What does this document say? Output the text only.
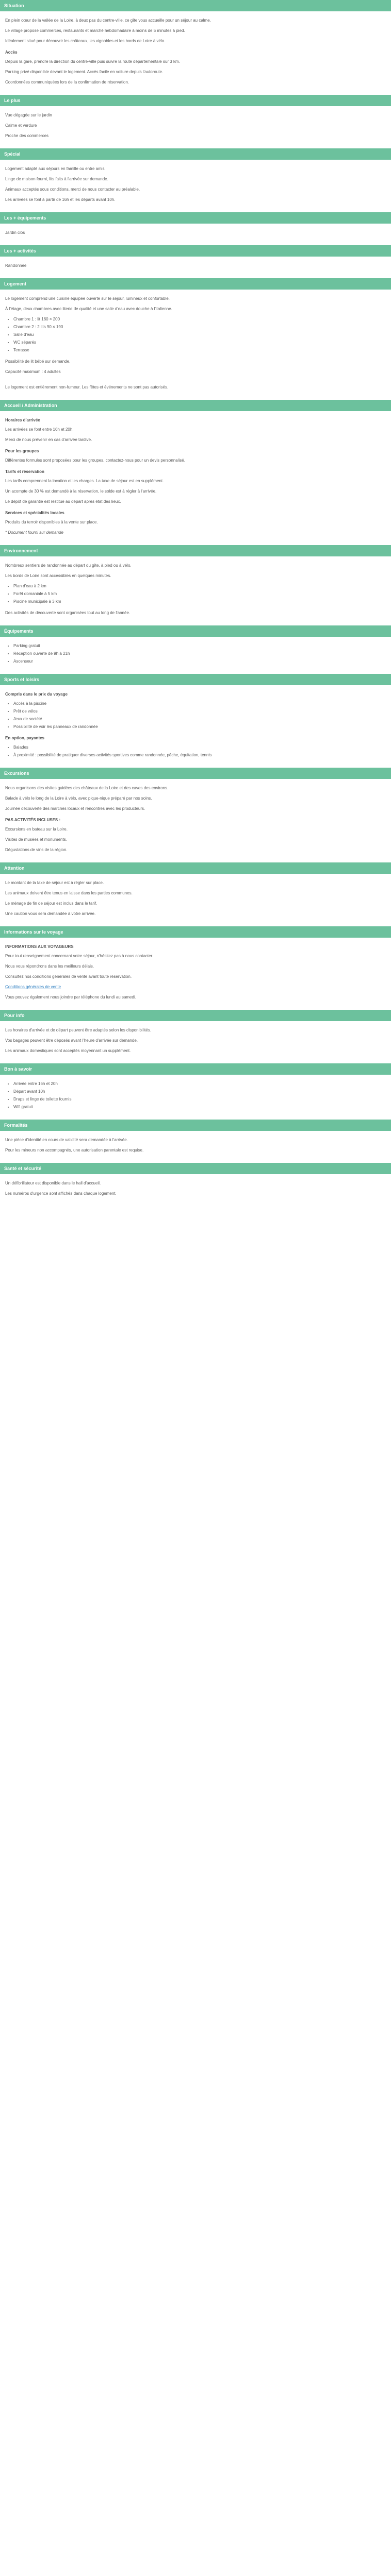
Situation

En plein cœur de la vallée de la Loire, à deux pas du centre-ville, ce gîte vous accueille pour un séjour au calme.

Le village propose commerces, restaurants et marché hebdomadaire à moins de 5 minutes à pied.

Idéalement situé pour découvrir les châteaux, les vignobles et les bords de Loire à vélo.

Accès

Depuis la gare, prendre la direction du centre-ville puis suivre la route départementale sur 3 km.

Parking privé disponible devant le logement. Accès facile en voiture depuis l'autoroute.

Coordonnées communiquées lors de la confirmation de réservation.

Le plus

Vue dégagée sur le jardin

Calme et verdure

Proche des commerces

Spécial

Logement adapté aux séjours en famille ou entre amis.

Linge de maison fourni, lits faits à l'arrivée sur demande.

Animaux acceptés sous conditions, merci de nous contacter au préalable.

Les arrivées se font à partir de 16h et les départs avant 10h.

Les + équipements

Jardin clos

Les + activités

Randonnée

Logement

Le logement comprend une cuisine équipée ouverte sur le séjour, lumineux et confortable.

À l'étage, deux chambres avec literie de qualité et une salle d'eau avec douche à l'italienne.

• Chambre 1 : lit 160 × 200
• Chambre 2 : 2 lits 90 × 190
• Salle d'eau
• WC séparés
• Terrasse

Possibilité de lit bébé sur demande.

Capacité maximum : 4 adultes

Le logement est entièrement non-fumeur. Les fêtes et événements ne sont pas autorisés.

Accueil / Administration
Horaires d'arrivée

Les arrivées se font entre 16h et 20h.

Merci de nous prévenir en cas d'arrivée tardive.

Pour les groupes

Différentes formules sont proposées pour les groupes, contactez-nous pour un devis personnalisé.

Tarifs et réservation

Les tarifs comprennent la location et les charges. La taxe de séjour est en supplément.

Un acompte de 30 % est demandé à la réservation, le solde est à régler à l'arrivée.

Le dépôt de garantie est restitué au départ après état des lieux.

Services et spécialités locales

Produits du terroir disponibles à la vente sur place.

* Document fourni sur demande

Environnement

Nombreux sentiers de randonnée au départ du gîte, à pied ou à vélo.

Les bords de Loire sont accessibles en quelques minutes.

• Plan d'eau à 2 km
• Forêt domaniale à 5 km
• Piscine municipale à 3 km

Des activités de découverte sont organisées tout au long de l'année.

Équipements
• Parking gratuit
• Réception ouverte de 9h à 21h
• Ascenseur
Sports et loisirs
Compris dans le prix du voyage
• Accès à la piscine
• Prêt de vélos
• Jeux de société
• Possibilité de voir les panneaux de randonnée
En option, payantes
• Balades
• À proximité : possibilité de pratiquer diverses activités sportives comme randonnée, pêche, équitation, tennis
Excursions

Nous organisons des visites guidées des châteaux de la Loire et des caves des environs.

Balade à vélo le long de la Loire à vélo, avec pique-nique préparé par nos soins.

Journée découverte des marchés locaux et rencontres avec les producteurs.

PAS ACTIVITÉS INCLUSES :

Excursions en bateau sur la Loire.

Visites de musées et monuments.

Dégustations de vins de la région.

Attention

Le montant de la taxe de séjour est à régler sur place.

Les animaux doivent être tenus en laisse dans les parties communes.

Le ménage de fin de séjour est inclus dans le tarif.

Une caution vous sera demandée à votre arrivée.

Informations sur le voyage
INFORMATIONS AUX VOYAGEURS

Pour tout renseignement concernant votre séjour, n'hésitez pas à nous contacter.

Nous vous répondrons dans les meilleurs délais.

Consultez nos conditions générales de vente avant toute réservation.

Conditions générales de vente

Vous pouvez également nous joindre par téléphone du lundi au samedi.

Pour info

Les horaires d'arrivée et de départ peuvent être adaptés selon les disponibilités.

Vos bagages peuvent être déposés avant l'heure d'arrivée sur demande.

Les animaux domestiques sont acceptés moyennant un supplément.

Bon à savoir
• Arrivée entre 16h et 20h
• Départ avant 10h
• Draps et linge de toilette fournis
• Wifi gratuit
Formalités

Une pièce d'identité en cours de validité sera demandée à l'arrivée.

Pour les mineurs non accompagnés, une autorisation parentale est requise.

Santé et sécurité

Un défibrillateur est disponible dans le hall d'accueil.

Les numéros d'urgence sont affichés dans chaque logement.
